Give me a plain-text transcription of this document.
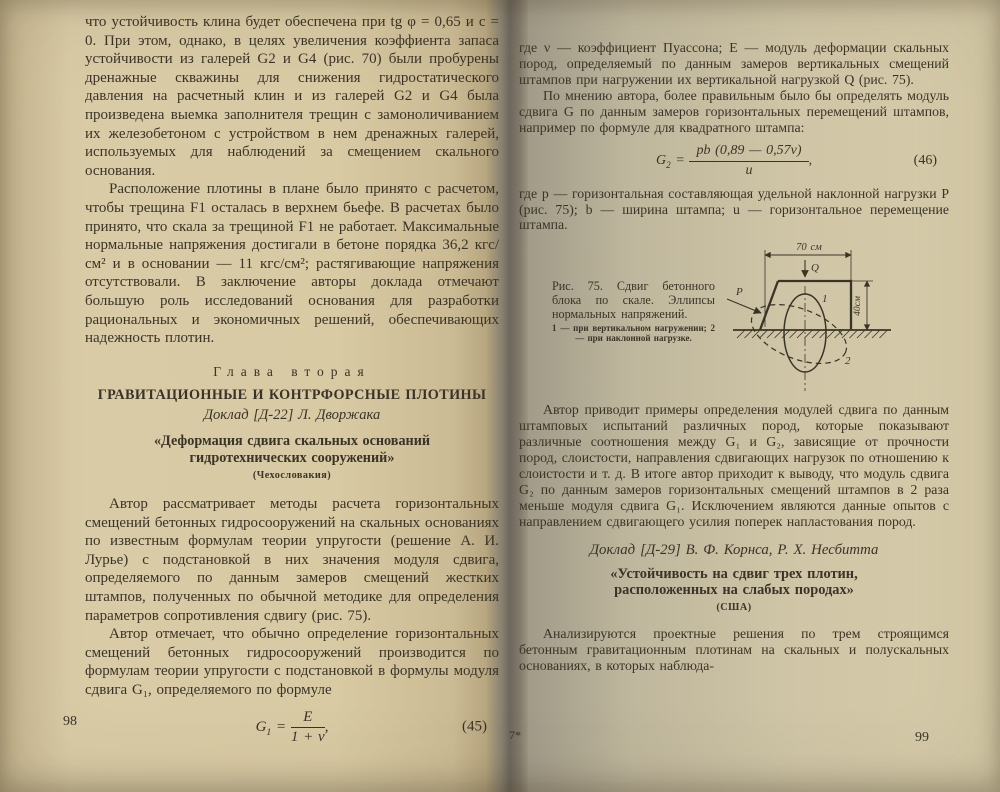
что устойчивость клина будет обеспечена при tg φ = 0,65 и c = 0. При этом, однако, в целях увеличения коэффиента запаса устойчивости из галерей G2 и G4 (рис. 70) были пробурены дренажные скважины для снижения гидростатического давления на расчетный клин и из галерей G2 и G4 была произведена выемка заполнителя трещин с замоноличиванием их железобетоном с устройством в нем дренажных галерей, используемых для наблюдений за смещением скального основания.

Расположение плотины в плане было принято с расчетом, чтобы трещина F1 осталась в верхнем бьефе. В расчетах было принято, что скала за трещиной F1 не работает. Максимальные нормальные напряжения достигали в бетоне порядка 36,2 кгс/см² и в основании — 11 кгс/см²; растягивающие напряжения отсутствовали. В заключение авторы доклада отмечают большую роль исследований основания для разработки рациональных и экономичных решений, обеспечивающих надежность плотин.

Глава вторая
ГРАВИТАЦИОННЫЕ И КОНТРФОРСНЫЕ ПЛОТИНЫ
Доклад [Д-22] Л. Дворжака
«Деформация сдвига скальных оснований
гидротехнических сооружений»
(Чехословакия)

Автор рассматривает методы расчета горизонтальных смещений бетонных гидросооружений на скальных основаниях по известным формулам теории упругости (решение А. И. Лурье) с подстановкой в них значения модуля сдвига, определяемого по данным замеров смещений жестких штампов, полученных по обычной методике для определения параметров сопротивления сдвигу (рис. 75).

Автор отмечает, что обычно определение горизонтальных смещений бетонных гидросооружений производится по формулам теории упругости с подстановкой в формулы модуля сдвига G₁, определяемого по формуле

$G_1 = \frac{E}{1 + \nu}$ ,	(45)

где ν — коэффициент Пуассона; E — модуль деформации скальных пород, определяемый по данным замеров вертикальных смещений штампов при нагружении их вертикальной нагрузкой Q (рис. 75).

По мнению автора, более правильным было бы определять модуль сдвига G по данным замеров горизонтальных перемещений штампов, например по формуле для квадратного штампа:

$G_2 = \frac{pb (0,89 — 0,57\nu)}{u}$ ,	(46)

где p — горизонтальная составляющая удельной наклонной нагрузки P (рис. 75); b — ширина штампа; u — горизонтальное перемещение штампа.

Рис. 75. Сдвиг бетонного блока по скале. Эллипсы нормальных напряжений.
1 — при вертикальном нагружении; 2 — при наклонной нагрузке.
70 см
Q
P
40см
1
2

Автор приводит примеры определения модулей сдвига по данным штамповых испытаний различных пород, которые показывают различные соотношения между G₁ и G₂, зависящие от прочности пород, слоистости, направления сдвигающих нагрузок по отношению к слоистости и т. д. В итоге автор приходит к выводу, что модуль сдвига G₂ по данным замеров горизонтальных смещений штампов в 2 раза меньше модуля сдвига G₁. Исключением являются данные опытов с направлением сдвигающего усилия поперек напластования пород.

Доклад [Д-29] В. Ф. Корнса, Р. Х. Несбитта
«Устойчивость на сдвиг трех плотин,
расположенных на слабых породах»
(США)

Анализируются проектные решения по трем строящимся бетонным гравитационным плотинам на скальных и полускальных основаниях, в которых наблюда-

98
7*	99
